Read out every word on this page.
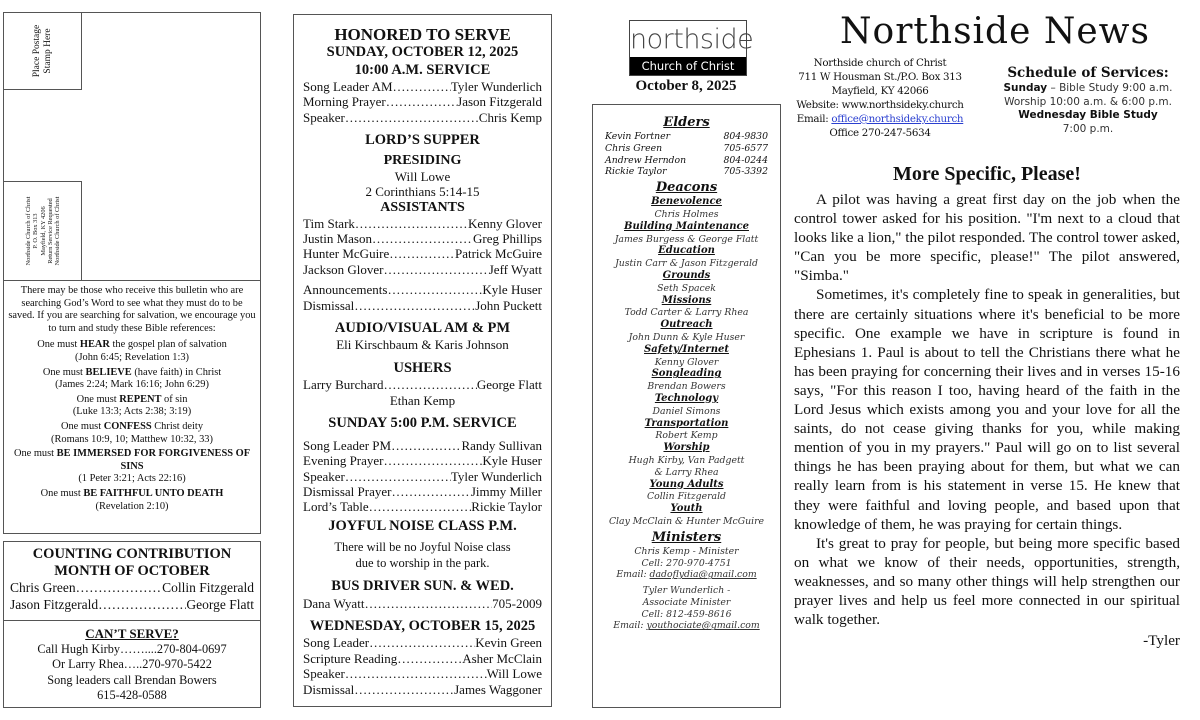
Place Postage Stamp Here
Northside Church of Christ P. O. Box 313 Mayfield, KY 4206 Return Service Requested Northside Church of Christ
There may be those who receive this bulletin who are searching God’s Word to see what they must do to be saved. If you are searching for salvation, we encourage you to turn and study these Bible references:
One must HEAR the gospel plan of salvation
(John 6:45; Revelation 1:3)
One must BELIEVE (have faith) in Christ
(James 2:24; Mark 16:16; John 6:29)
One must REPENT of sin
(Luke 13:3; Acts 2:38; 3:19)
One must CONFESS Christ deity
(Romans 10:9, 10; Matthew 10:32, 33)
One must BE IMMERSED FOR FORGIVENESS OF SINS
(1 Peter 3:21; Acts 22:16)
One must BE FAITHFUL UNTO DEATH
(Revelation 2:10)
COUNTING CONTRIBUTION
MONTH OF OCTOBER
Chris Green ……………………………………………………………………………………………	Collin Fitzgerald
Jason Fitzgerald ……………………………………………………………………………………………	George Flatt
CAN’T SERVE?
Call Hugh Kirby……....270-804-0697
Or Larry Rhea…..270-970-5422
Song leaders call Brendan Bowers
615-428-0588
HONORED TO SERVE
SUNDAY, OCTOBER 12, 2025
10:00 A.M. SERVICE
Song Leader AM ……………………………………………………………………………………………	Tyler Wunderlich
Morning Prayer ……………………………………………………………………………………………	Jason Fitzgerald
Speaker ……………………………………………………………………………………………	Chris Kemp
LORD’S SUPPER
PRESIDING
Will Lowe
2 Corinthians 5:14-15
ASSISTANTS
Tim Stark ……………………………………………………………………………………………	Kenny Glover
Justin Mason ……………………………………………………………………………………………	Greg Phillips
Hunter McGuire ……………………………………………………………………………………………	Patrick McGuire
Jackson Glover ……………………………………………………………………………………………	Jeff Wyatt
Announcements ……………………………………………………………………………………………	Kyle Huser
Dismissal ……………………………………………………………………………………………	John Puckett
AUDIO/VISUAL AM & PM
Eli Kirschbaum & Karis Johnson
USHERS
Larry Burchard ……………………………………………………………………………………………	George Flatt
Ethan Kemp
SUNDAY 5:00 P.M. SERVICE
Song Leader PM ……………………………………………………………………………………………	Randy Sullivan
Evening Prayer ……………………………………………………………………………………………	Kyle Huser
Speaker ……………………………………………………………………………………………	Tyler Wunderlich
Dismissal Prayer ……………………………………………………………………………………………	Jimmy Miller
Lord’s Table ……………………………………………………………………………………………	Rickie Taylor
JOYFUL NOISE CLASS P.M.
There will be no Joyful Noise class
due to worship in the park.
BUS DRIVER SUN. & WED.
Dana Wyatt ……………………………………………………………………………………………	705-2009
WEDNESDAY, OCTOBER 15, 2025
Song Leader ……………………………………………………………………………………………	Kevin Green
Scripture Reading ……………………………………………………………………………………………	Asher McClain
Speaker ……………………………………………………………………………………………	Will Lowe
Dismissal ……………………………………………………………………………………………	James Waggoner
northside
Church of Christ
October 8, 2025
Elders
Kevin Fortner	804-9830
Chris Green	705-6577
Andrew Herndon	804-0244
Rickie Taylor	705-3392
Deacons
Benevolence
Chris Holmes
Building Maintenance
James Burgess & George Flatt
Education
Justin Carr & Jason Fitzgerald
Grounds
Seth Spacek
Missions
Todd Carter & Larry Rhea
Outreach
John Dunn & Kyle Huser
Safety/Internet
Kenny Glover
Songleading
Brendan Bowers
Technology
Daniel Simons
Transportation
Robert Kemp
Worship
Hugh Kirby, Van Padgett
& Larry Rhea
Young Adults
Collin Fitzgerald
Youth
Clay McClain & Hunter McGuire
Ministers
Chris Kemp - Minister
Cell: 270-970-4751
Email: dadoflydia@gmail.com
Tyler Wunderlich -
Associate Minister
Cell: 812-459-8616
Email: youthociate@gmail.com
Northside News
Northside church of Christ
711 W Housman St./P.O. Box 313
Mayfield, KY 42066
Website: www.northsideky.church
Email: office@northsideky.church
Office 270-247-5634
Schedule of Services:
Sunday – Bible Study 9:00 a.m.
Worship 10:00 a.m. & 6:00 p.m.
Wednesday Bible Study
7:00 p.m.
More Specific, Please!

A pilot was having a great first day on the job when the control tower asked for his position. "I'm next to a cloud that looks like a lion," the pilot responded. The control tower asked, "Can you be more specific, please!" The pilot answered, "Simba."

Sometimes, it's completely fine to speak in generalities, but there are certainly situations where it's beneficial to be more specific. One example we have in scripture is found in Ephesians 1. Paul is about to tell the Christians there what he has been praying for concerning their lives and in verses 15-16 says, "For this reason I too, having heard of the faith in the Lord Jesus which exists among you and your love for all the saints, do not cease giving thanks for you, while making mention of you in my prayers." Paul will go on to list several things he has been praying about for them, but what we can really learn from is his statement in verse 15. He knew that they were faithful and loving people, and based upon that knowledge of them, he was praying for certain things.

It's great to pray for people, but being more specific based on what we know of their needs, opportunities, strength, weaknesses, and so many other things will help strengthen our prayer lives and help us feel more connected in our spiritual walk together.

-Tyler
